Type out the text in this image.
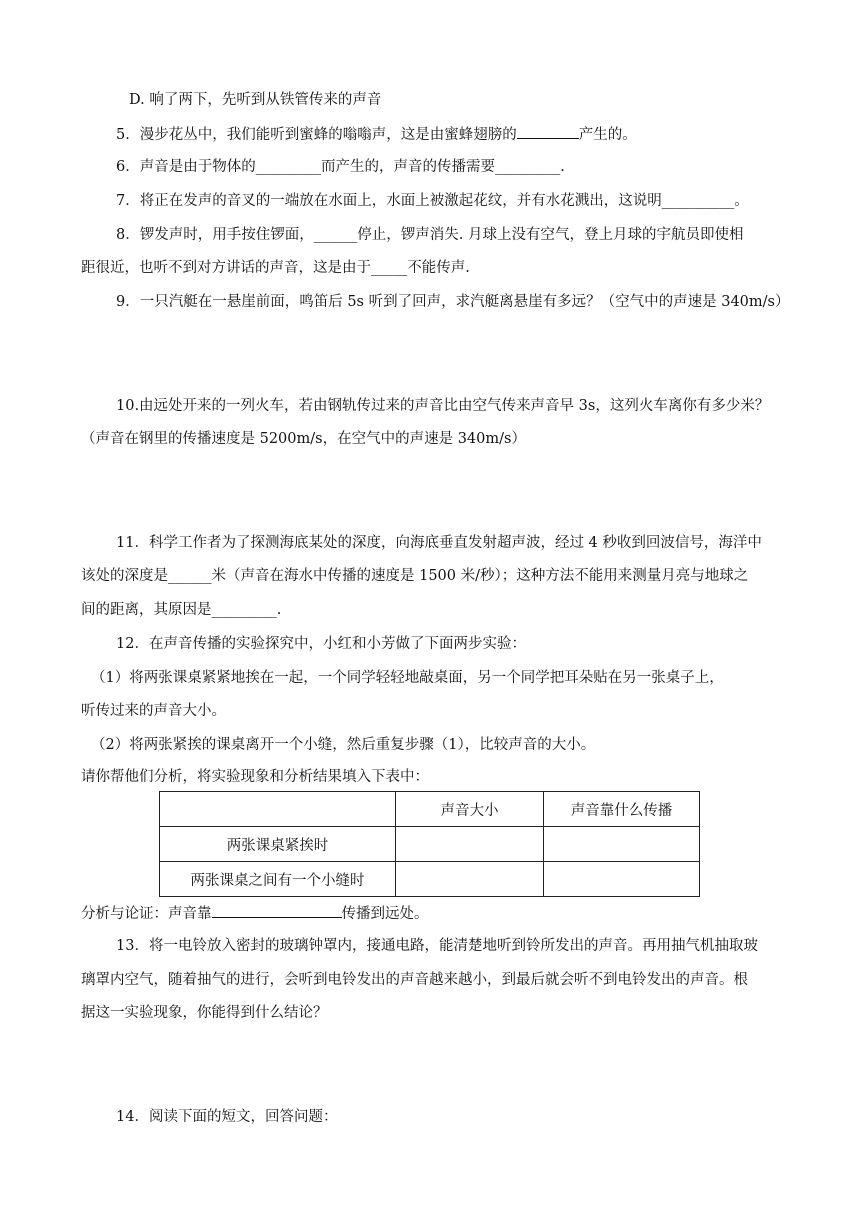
D. 响了两下，先听到从铁管传来的声音
5．漫步花丛中，我们能听到蜜蜂的嗡嗡声，这是由蜜蜂翅膀的	产生的。
6．声音是由于物体的_________而产生的，声音的传播需要_________.
7．将正在发声的音叉的一端放在水面上，水面上被激起花纹，并有水花溅出，这说明__________。
8．锣发声时，用手按住锣面，______停止，锣声消失. 月球上没有空气，登上月球的宇航员即使相
距很近，也听不到对方讲话的声音，这是由于_____不能传声.
9．一只汽艇在一悬崖前面，鸣笛后 5s 听到了回声，求汽艇离悬崖有多远？（空气中的声速是 340m/s）
10.由远处开来的一列火车，若由钢轨传过来的声音比由空气传来声音早 3s，这列火车离你有多少米？
（声音在钢里的传播速度是 5200m/s，在空气中的声速是 340m/s）
11．科学工作者为了探测海底某处的深度，向海底垂直发射超声波，经过 4 秒收到回波信号，海洋中
该处的深度是______米（声音在海水中传播的速度是 1500 米/秒）；这种方法不能用来测量月亮与地球之
间的距离，其原因是_________.
12．在声音传播的实验探究中，小红和小芳做了下面两步实验：
（1）将两张课桌紧紧地挨在一起，一个同学轻轻地敲桌面，另一个同学把耳朵贴在另一张桌子上，
听传过来的声音大小。
（2）将两张紧挨的课桌离开一个小缝，然后重复步骤（1），比较声音的大小。
请你帮他们分析，将实验现象和分析结果填入下表中：
	声音大小	声音靠什么传播
两张课桌紧挨时		
两张课桌之间有一个小缝时		
分析与论证：声音靠	传播到远处。
13．将一电铃放入密封的玻璃钟罩内，接通电路，能清楚地听到铃所发出的声音。再用抽气机抽取玻
璃罩内空气，随着抽气的进行，会听到电铃发出的声音越来越小，到最后就会听不到电铃发出的声音。根
据这一实验现象，你能得到什么结论？
14．阅读下面的短文，回答问题：
